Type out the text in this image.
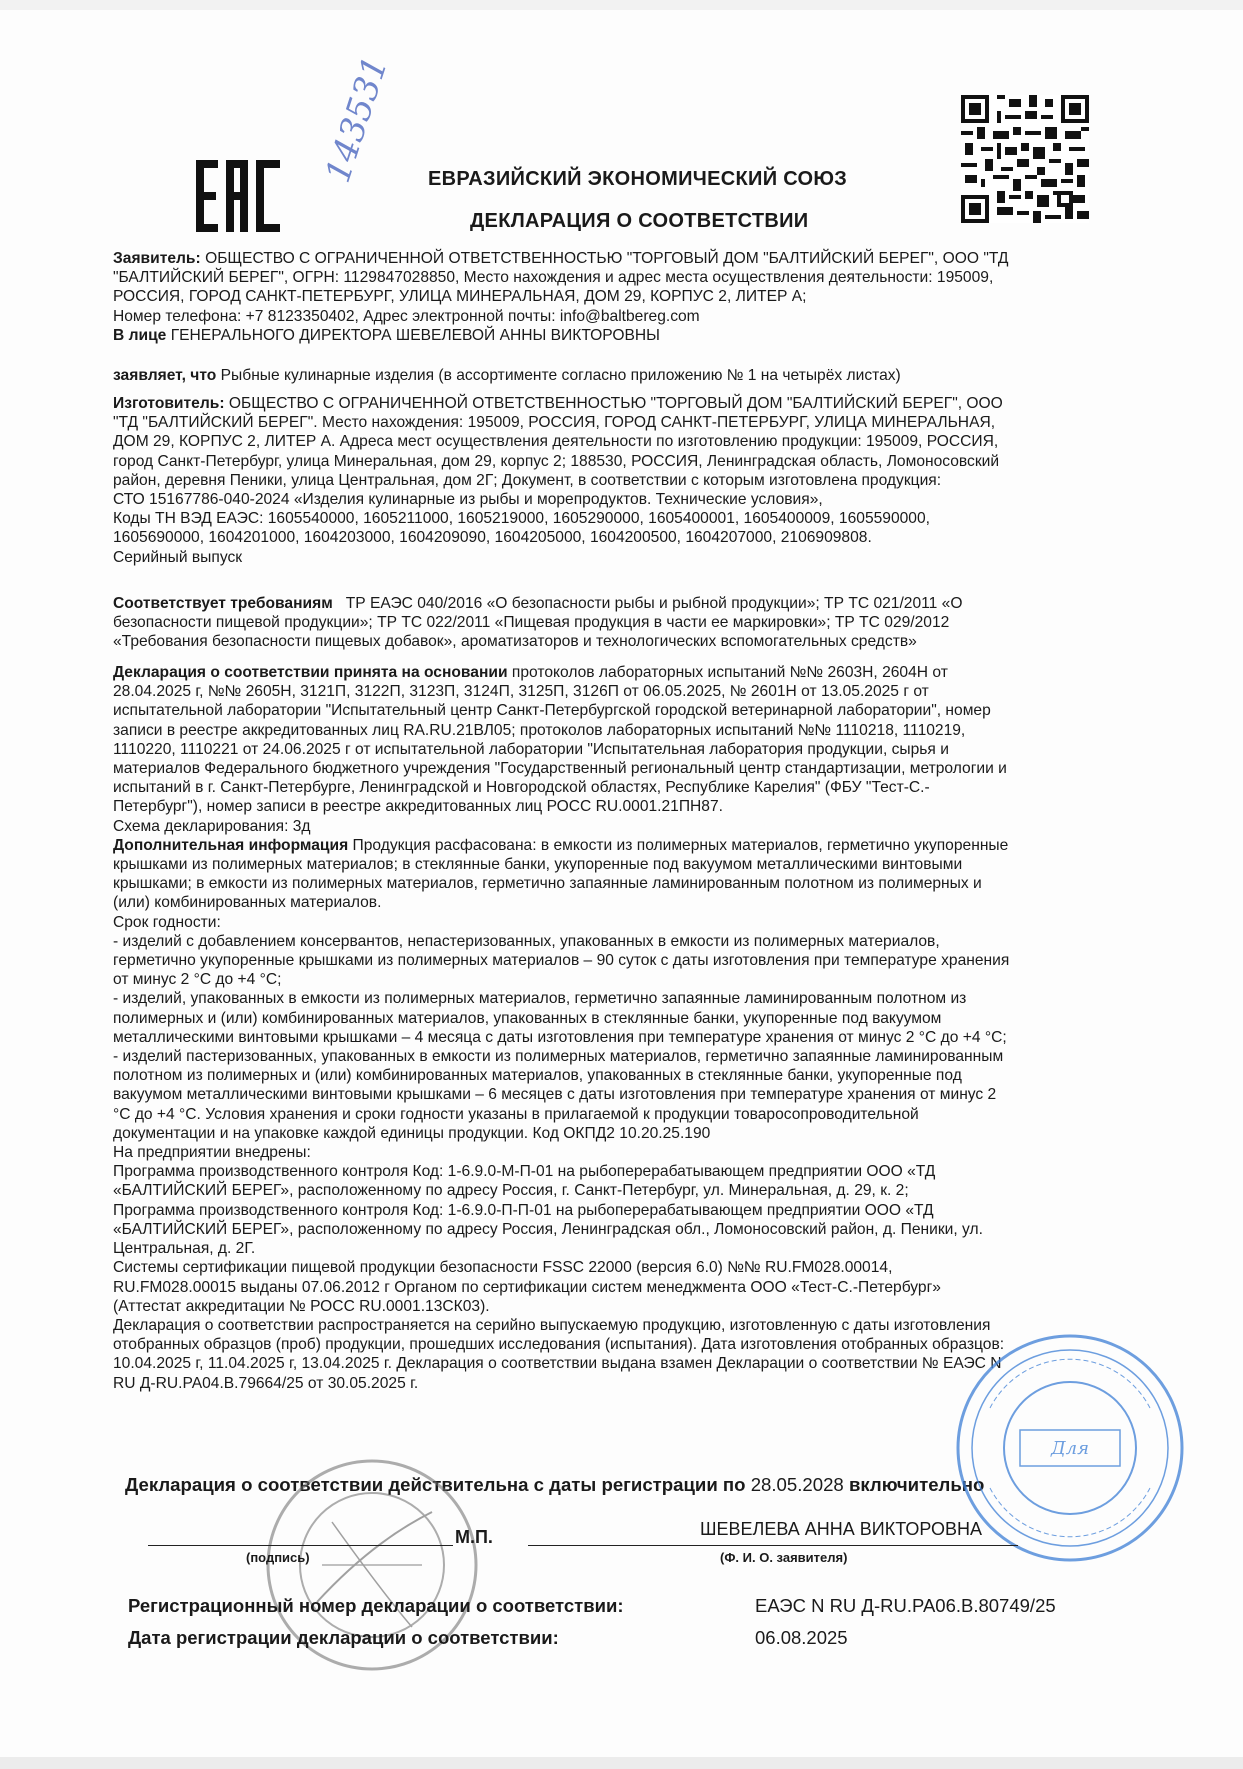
143531 ЕВРАЗИЙСКИЙ ЭКОНОМИЧЕСКИЙ СОЮЗ
ДЕКЛАРАЦИЯ О СООТВЕТСТВИИ

Заявитель: ОБЩЕСТВО С ОГРАНИЧЕННОЙ ОТВЕТСТВЕННОСТЬЮ "ТОРГОВЫЙ ДОМ "БАЛТИЙСКИЙ БЕРЕГ", ООО "ТД

"БАЛТИЙСКИЙ БЕРЕГ", ОГРН: 1129847028850, Место нахождения и адрес места осуществления деятельности: 195009,

РОССИЯ, ГОРОД САНКТ-ПЕТЕРБУРГ, УЛИЦА МИНЕРАЛЬНАЯ, ДОМ 29, КОРПУС 2, ЛИТЕР А;

Номер телефона: +7 8123350402, Адрес электронной почты: info@baltbereg.com

В лице ГЕНЕРАЛЬНОГО ДИРЕКТОРА ШЕВЕЛЕВОЙ АННЫ ВИКТОРОВНЫ

заявляет, что Рыбные кулинарные изделия (в ассортименте согласно приложению № 1 на четырёх листах)

Изготовитель: ОБЩЕСТВО С ОГРАНИЧЕННОЙ ОТВЕТСТВЕННОСТЬЮ "ТОРГОВЫЙ ДОМ "БАЛТИЙСКИЙ БЕРЕГ", ООО

"ТД "БАЛТИЙСКИЙ БЕРЕГ". Место нахождения: 195009, РОССИЯ, ГОРОД САНКТ-ПЕТЕРБУРГ, УЛИЦА МИНЕРАЛЬНАЯ,

ДОМ 29, КОРПУС 2, ЛИТЕР А. Адреса мест осуществления деятельности по изготовлению продукции: 195009, РОССИЯ,

город Санкт-Петербург, улица Минеральная, дом 29, корпус 2; 188530, РОССИЯ, Ленинградская область, Ломоносовский

район, деревня Пеники, улица Центральная, дом 2Г; Документ, в соответствии с которым изготовлена продукция:

СТО 15167786-040-2024 «Изделия кулинарные из рыбы и морепродуктов. Технические условия»,

Коды ТН ВЭД ЕАЭС: 1605540000, 1605211000, 1605219000, 1605290000, 1605400001, 1605400009, 1605590000,

1605690000, 1604201000, 1604203000, 1604209090, 1604205000, 1604200500, 1604207000, 2106909808.

Серийный выпуск

Соответствует требованиям ТР ЕАЭС 040/2016 «О безопасности рыбы и рыбной продукции»; ТР ТС 021/2011 «О

безопасности пищевой продукции»; ТР ТС 022/2011 «Пищевая продукция в части ее маркировки»; ТР ТС 029/2012

«Требования безопасности пищевых добавок», ароматизаторов и технологических вспомогательных средств»

Декларация о соответствии принята на основании протоколов лабораторных испытаний №№ 2603Н, 2604Н от

28.04.2025 г, №№ 2605Н, 3121П, 3122П, 3123П, 3124П, 3125П, 3126П от 06.05.2025, № 2601Н от 13.05.2025 г от

испытательной лаборатории "Испытательный центр Санкт-Петербургской городской ветеринарной лаборатории", номер

записи в реестре аккредитованных лиц RA.RU.21ВЛ05; протоколов лабораторных испытаний №№ 1110218, 1110219,

1110220, 1110221 от 24.06.2025 г от испытательной лаборатории "Испытательная лаборатория продукции, сырья и

материалов Федерального бюджетного учреждения "Государственный региональный центр стандартизации, метрологии и

испытаний в г. Санкт-Петербурге, Ленинградской и Новгородской областях, Республике Карелия" (ФБУ "Тест-С.-

Петербург"), номер записи в реестре аккредитованных лиц РОСС RU.0001.21ПН87.

Схема декларирования: 3д

Дополнительная информация Продукция расфасована: в емкости из полимерных материалов, герметично укупоренные

крышками из полимерных материалов; в стеклянные банки, укупоренные под вакуумом металлическими винтовыми

крышками; в емкости из полимерных материалов, герметично запаянные ламинированным полотном из полимерных и

(или) комбинированных материалов.

Срок годности:

- изделий с добавлением консервантов, непастеризованных, упакованных в емкости из полимерных материалов,

герметично укупоренные крышками из полимерных материалов – 90 суток с даты изготовления при температуре хранения

от минус 2 °С до +4 °С;

- изделий, упакованных в емкости из полимерных материалов, герметично запаянные ламинированным полотном из

полимерных и (или) комбинированных материалов, упакованных в стеклянные банки, укупоренные под вакуумом

металлическими винтовыми крышками – 4 месяца с даты изготовления при температуре хранения от минус 2 °С до +4 °С;

- изделий пастеризованных, упакованных в емкости из полимерных материалов, герметично запаянные ламинированным

полотном из полимерных и (или) комбинированных материалов, упакованных в стеклянные банки, укупоренные под

вакуумом металлическими винтовыми крышками – 6 месяцев с даты изготовления при температуре хранения от минус 2

°С до +4 °С. Условия хранения и сроки годности указаны в прилагаемой к продукции товаросопроводительной

документации и на упаковке каждой единицы продукции. Код ОКПД2 10.20.25.190

На предприятии внедрены:

Программа производственного контроля Код: 1-6.9.0-М-П-01 на рыбоперерабатывающем предприятии ООО «ТД

«БАЛТИЙСКИЙ БЕРЕГ», расположенному по адресу Россия, г. Санкт-Петербург, ул. Минеральная, д. 29, к. 2;

Программа производственного контроля Код: 1-6.9.0-П-П-01 на рыбоперерабатывающем предприятии ООО «ТД

«БАЛТИЙСКИЙ БЕРЕГ», расположенному по адресу Россия, Ленинградская обл., Ломоносовский район, д. Пеники, ул.

Центральная, д. 2Г.

Системы сертификации пищевой продукции безопасности FSSC 22000 (версия 6.0) №№ RU.FM028.00014,

RU.FM028.00015 выданы 07.06.2012 г Органом по сертификации систем менеджмента ООО «Тест-С.-Петербург»

(Аттестат аккредитации № РОСС RU.0001.13СК03).

Декларация о соответствии распространяется на серийно выпускаемую продукцию, изготовленную с даты изготовления

отобранных образцов (проб) продукции, прошедших исследования (испытания). Дата изготовления отобранных образцов:

10.04.2025 г, 11.04.2025 г, 13.04.2025 г. Декларация о соответствии выдана взамен Декларации о соответствии № ЕАЭС N

RU Д-RU.PA04.B.79664/25 от 30.05.2025 г.

Декларация о соответствии действительна с даты регистрации по 28.05.2028 включительно
Для
М.П.
(подпись)
ШЕВЕЛЕВА АННА ВИКТОРОВНА
(Ф. И. О. заявителя)
Регистрационный номер декларации о соответствии:	ЕАЭС N RU Д-RU.PA06.B.80749/25
Дата регистрации декларации о соответствии:	06.08.2025
